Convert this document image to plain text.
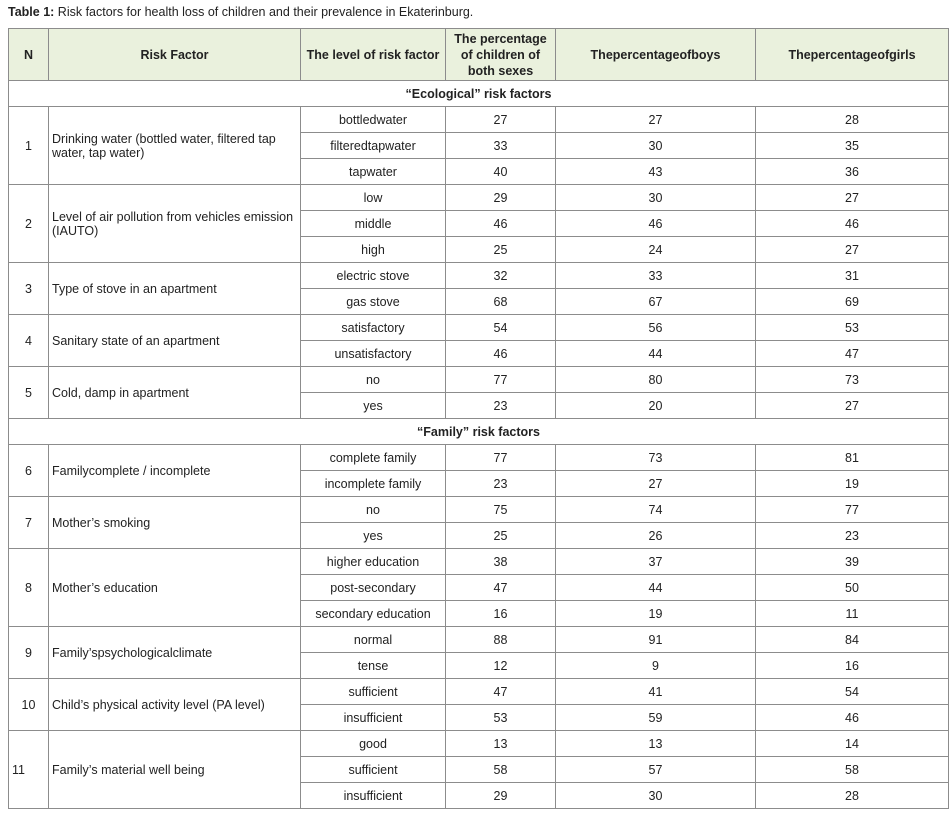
Table 1: Risk factors for health loss of children and their prevalence in Ekaterinburg.
N	Risk Factor	The level of risk factor	The percentage of children of both sexes	Thepercentageofboys	Thepercentageofgirls
“Ecological” risk factors					
1	Drinking water (bottled water, filtered tap water, tap water)	bottledwater	27	27	28
		filteredtapwater	33	30	35
		tapwater	40	43	36
2	Level of air pollution from vehicles emission (IAUTO)	low	29	30	27
		middle	46	46	46
		high	25	24	27
3	Type of stove in an apartment	electric stove	32	33	31
		gas stove	68	67	69
4	Sanitary state of an apartment	satisfactory	54	56	53
		unsatisfactory	46	44	47
5	Cold, damp in apartment	no	77	80	73
		yes	23	20	27
“Family” risk factors					
6	Familycomplete / incomplete	complete family	77	73	81
		incomplete family	23	27	19
7	Mother’s smoking	no	75	74	77
		yes	25	26	23
8	Mother’s education	higher education	38	37	39
		post-secondary	47	44	50
		secondary education	16	19	11
9	Family’spsychologicalclimate	normal	88	91	84
		tense	12	9	16
10	Child’s physical activity level (PA level)	sufficient	47	41	54
		insufficient	53	59	46
11	Family’s material well being	good	13	13	14
		sufficient	58	57	58
		insufficient	29	30	28
